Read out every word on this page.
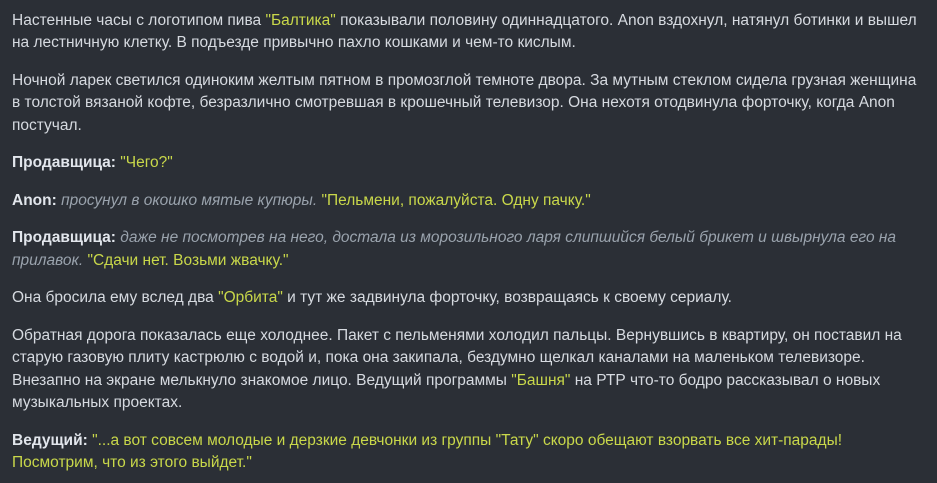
Настенные часы с логотипом пива "Балтика" показывали половину одиннадцатого. Anon вздохнул, натянул ботинки и вышел на лестничную клетку. В подъезде привычно пахло кошками и чем-то кислым.

Ночной ларек светился одиноким желтым пятном в промозглой темноте двора. За мутным стеклом сидела грузная женщина в толстой вязаной кофте, безразлично смотревшая в крошечный телевизор. Она нехотя отодвинула форточку, когда Anon постучал.

Продавщица: "Чего?"

Anon: просунул в окошко мятые купюры. "Пельмени, пожалуйста. Одну пачку."

Продавщица: даже не посмотрев на него, достала из морозильного ларя слипшийся белый брикет и швырнула его на прилавок. "Сдачи нет. Возьми жвачку."

Она бросила ему вслед два "Орбита" и тут же задвинула форточку, возвращаясь к своему сериалу.

Обратная дорога показалась еще холоднее. Пакет с пельменями холодил пальцы. Вернувшись в квартиру, он поставил на старую газовую плиту кастрюлю с водой и, пока она закипала, бездумно щелкал каналами на маленьком телевизоре. Внезапно на экране мелькнуло знакомое лицо. Ведущий программы "Башня" на РТР что-то бодро рассказывал о новых музыкальных проектах.

Ведущий: "...а вот совсем молодые и дерзкие девчонки из группы "Тату" скоро обещают взорвать все хит-парады! Посмотрим, что из этого выйдет."
